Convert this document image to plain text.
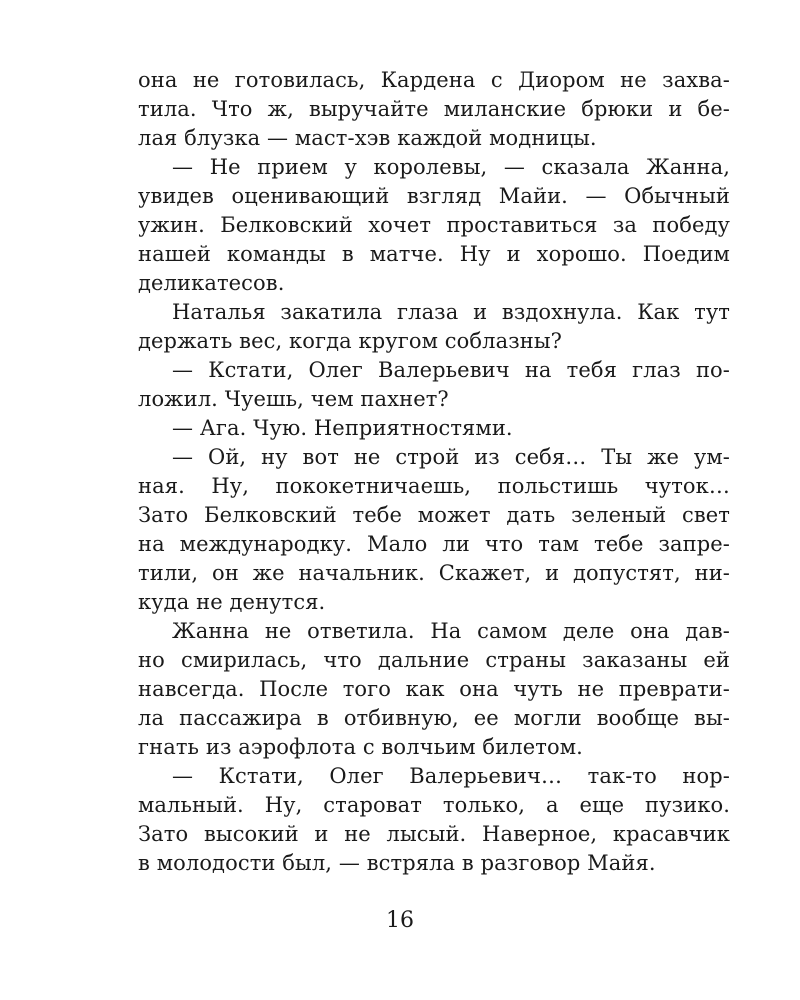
она не готовилась, Кардена с Диором не захва-
тила. Что ж, выручайте миланские брюки и бе-
лая блузка — маст-хэв каждой модницы.
— Не прием у королевы, — сказала Жанна,
увидев оценивающий взгляд Майи. — Обычный
ужин. Белковский хочет проставиться за победу
нашей команды в матче. Ну и хорошо. Поедим
деликатесов.
Наталья закатила глаза и вздохнула. Как тут
держать вес, когда кругом соблазны?
— Кстати, Олег Валерьевич на тебя глаз по-
ложил. Чуешь, чем пахнет?
— Ага. Чую. Неприятностями.
— Ой, ну вот не строй из себя… Ты же ум-
ная. Ну, пококетничаешь, польстишь чуток…
Зато Белковский тебе может дать зеленый свет
на международку. Мало ли что там тебе запре-
тили, он же начальник. Скажет, и допустят, ни-
куда не денутся.
Жанна не ответила. На самом деле она дав-
но смирилась, что дальние страны заказаны ей
навсегда. После того как она чуть не преврати-
ла пассажира в отбивную, ее могли вообще вы-
гнать из аэрофлота с волчьим билетом.
— Кстати, Олег Валерьевич… так-то нор-
мальный. Ну, староват только, а еще пузико.
Зато высокий и не лысый. Наверное, красавчик
в молодости был, — встряла в разговор Майя.
16
